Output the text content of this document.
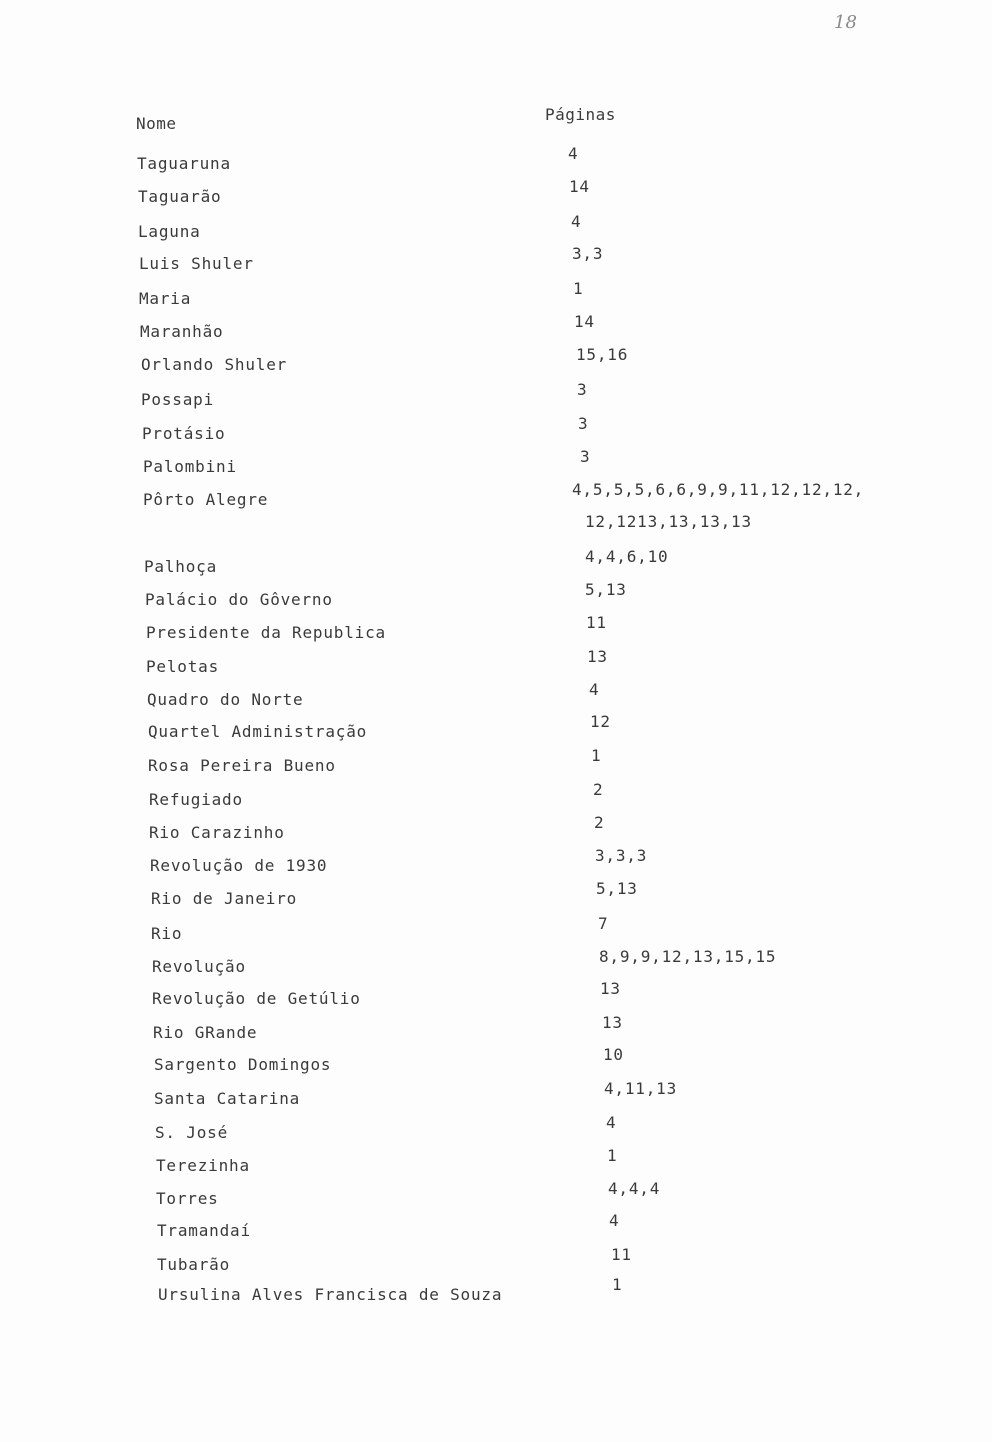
18
Nome	Páginas
Taguaruna
4
Taguarão
14
Laguna
4
Luis Shuler
3,3
Maria
1
Maranhão
14
Orlando Shuler
15,16
Possapi
3
Protásio
3
Palombini
3
Pôrto Alegre
4,5,5,5,6,6,9,9,11,12,12,12,
12,1213,13,13,13
Palhoça
4,4,6,10
Palácio do Gôverno
5,13
Presidente da Republica
11
Pelotas
13
Quadro do Norte
4
Quartel Administração
12
Rosa Pereira Bueno
1
Refugiado
2
Rio Carazinho
2
Revolução de 1930
3,3,3
Rio de Janeiro
5,13
Rio
7
Revolução
8,9,9,12,13,15,15
Revolução de Getúlio
13
Rio GRande
13
Sargento Domingos
10
Santa Catarina
4,11,13
S. José
4
Terezinha
1
Torres
4,4,4
Tramandaí
4
Tubarão
11
Ursulina Alves Francisca de Souza
1
